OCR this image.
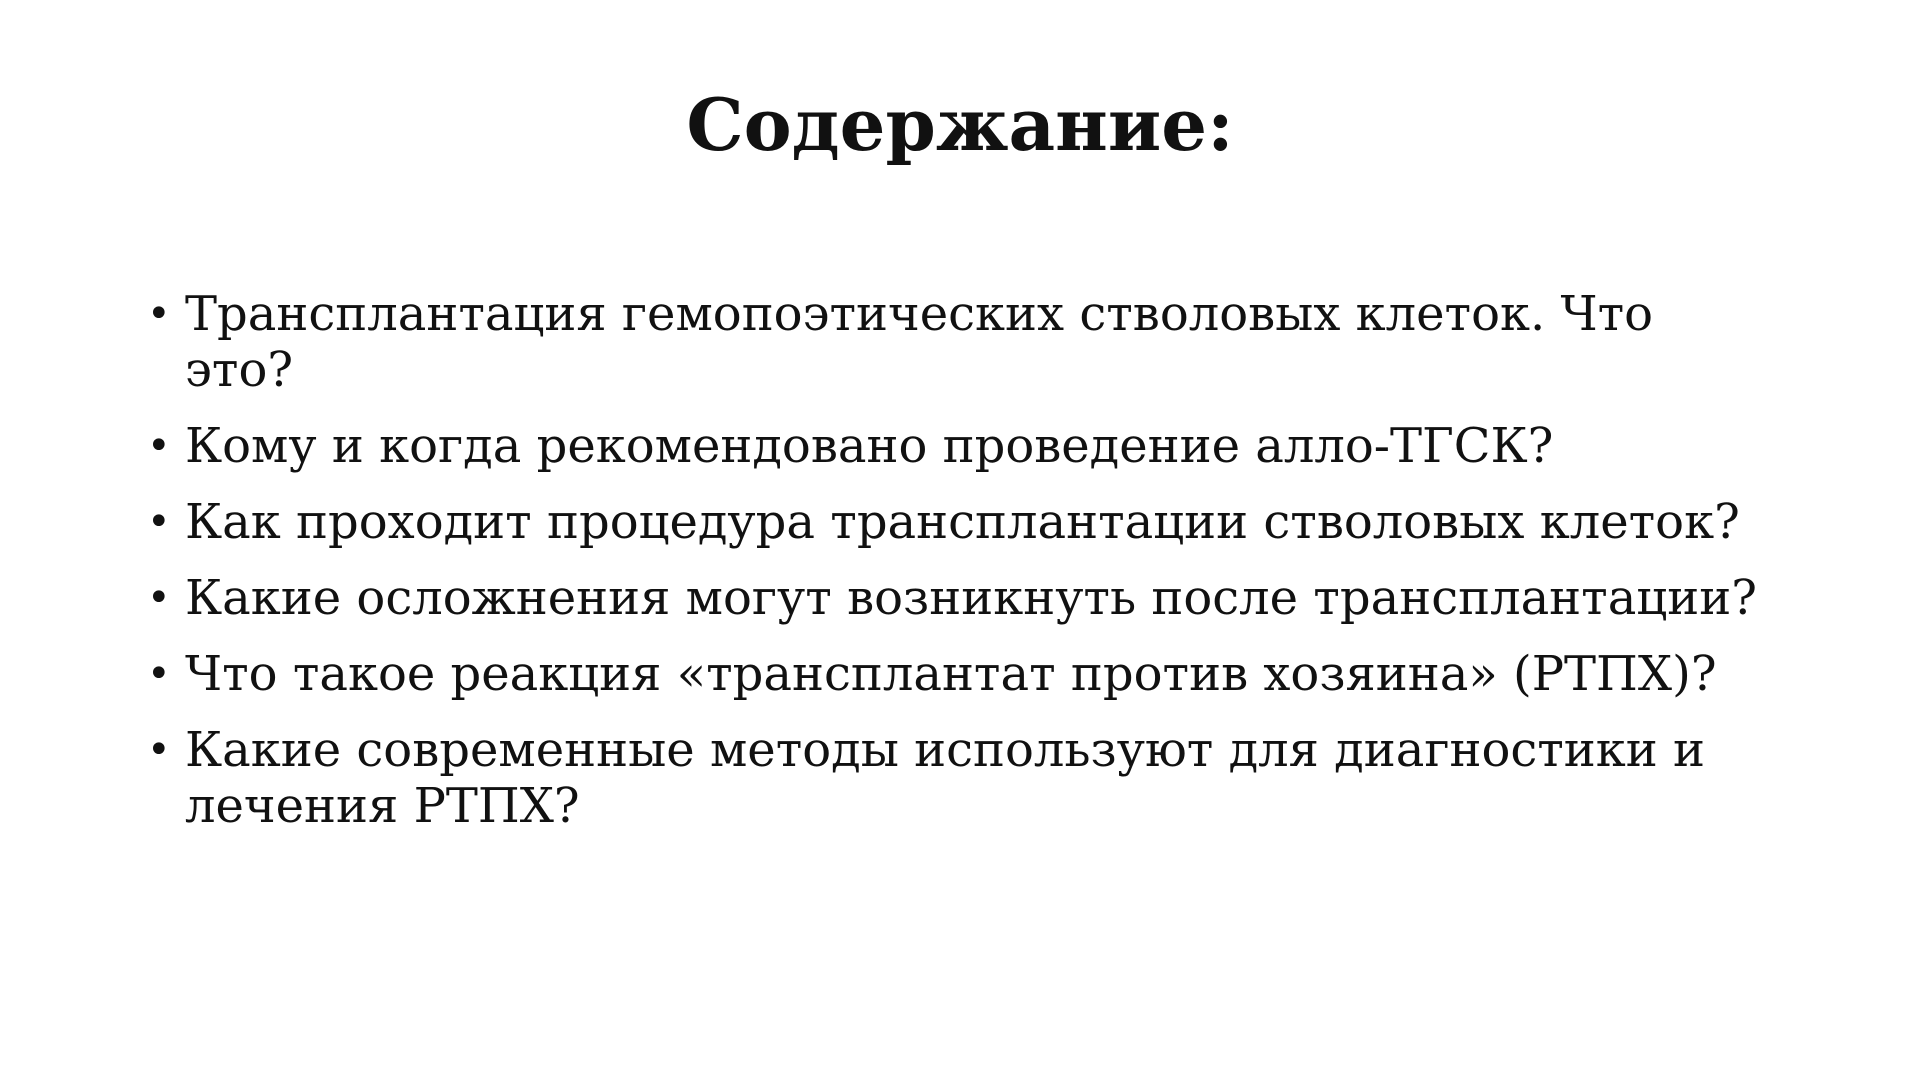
Содержание:
• Трансплантация гемопоэтических стволовых клеток. Что это?
• Кому и когда рекомендовано проведение алло-ТГСК?
• Как проходит процедура трансплантации стволовых клеток?
• Какие осложнения могут возникнуть после трансплантации?
• Что такое реакция «трансплантат против хозяина» (РТПХ)?
• Какие современные методы используют для диагностики и лечения РТПХ?
